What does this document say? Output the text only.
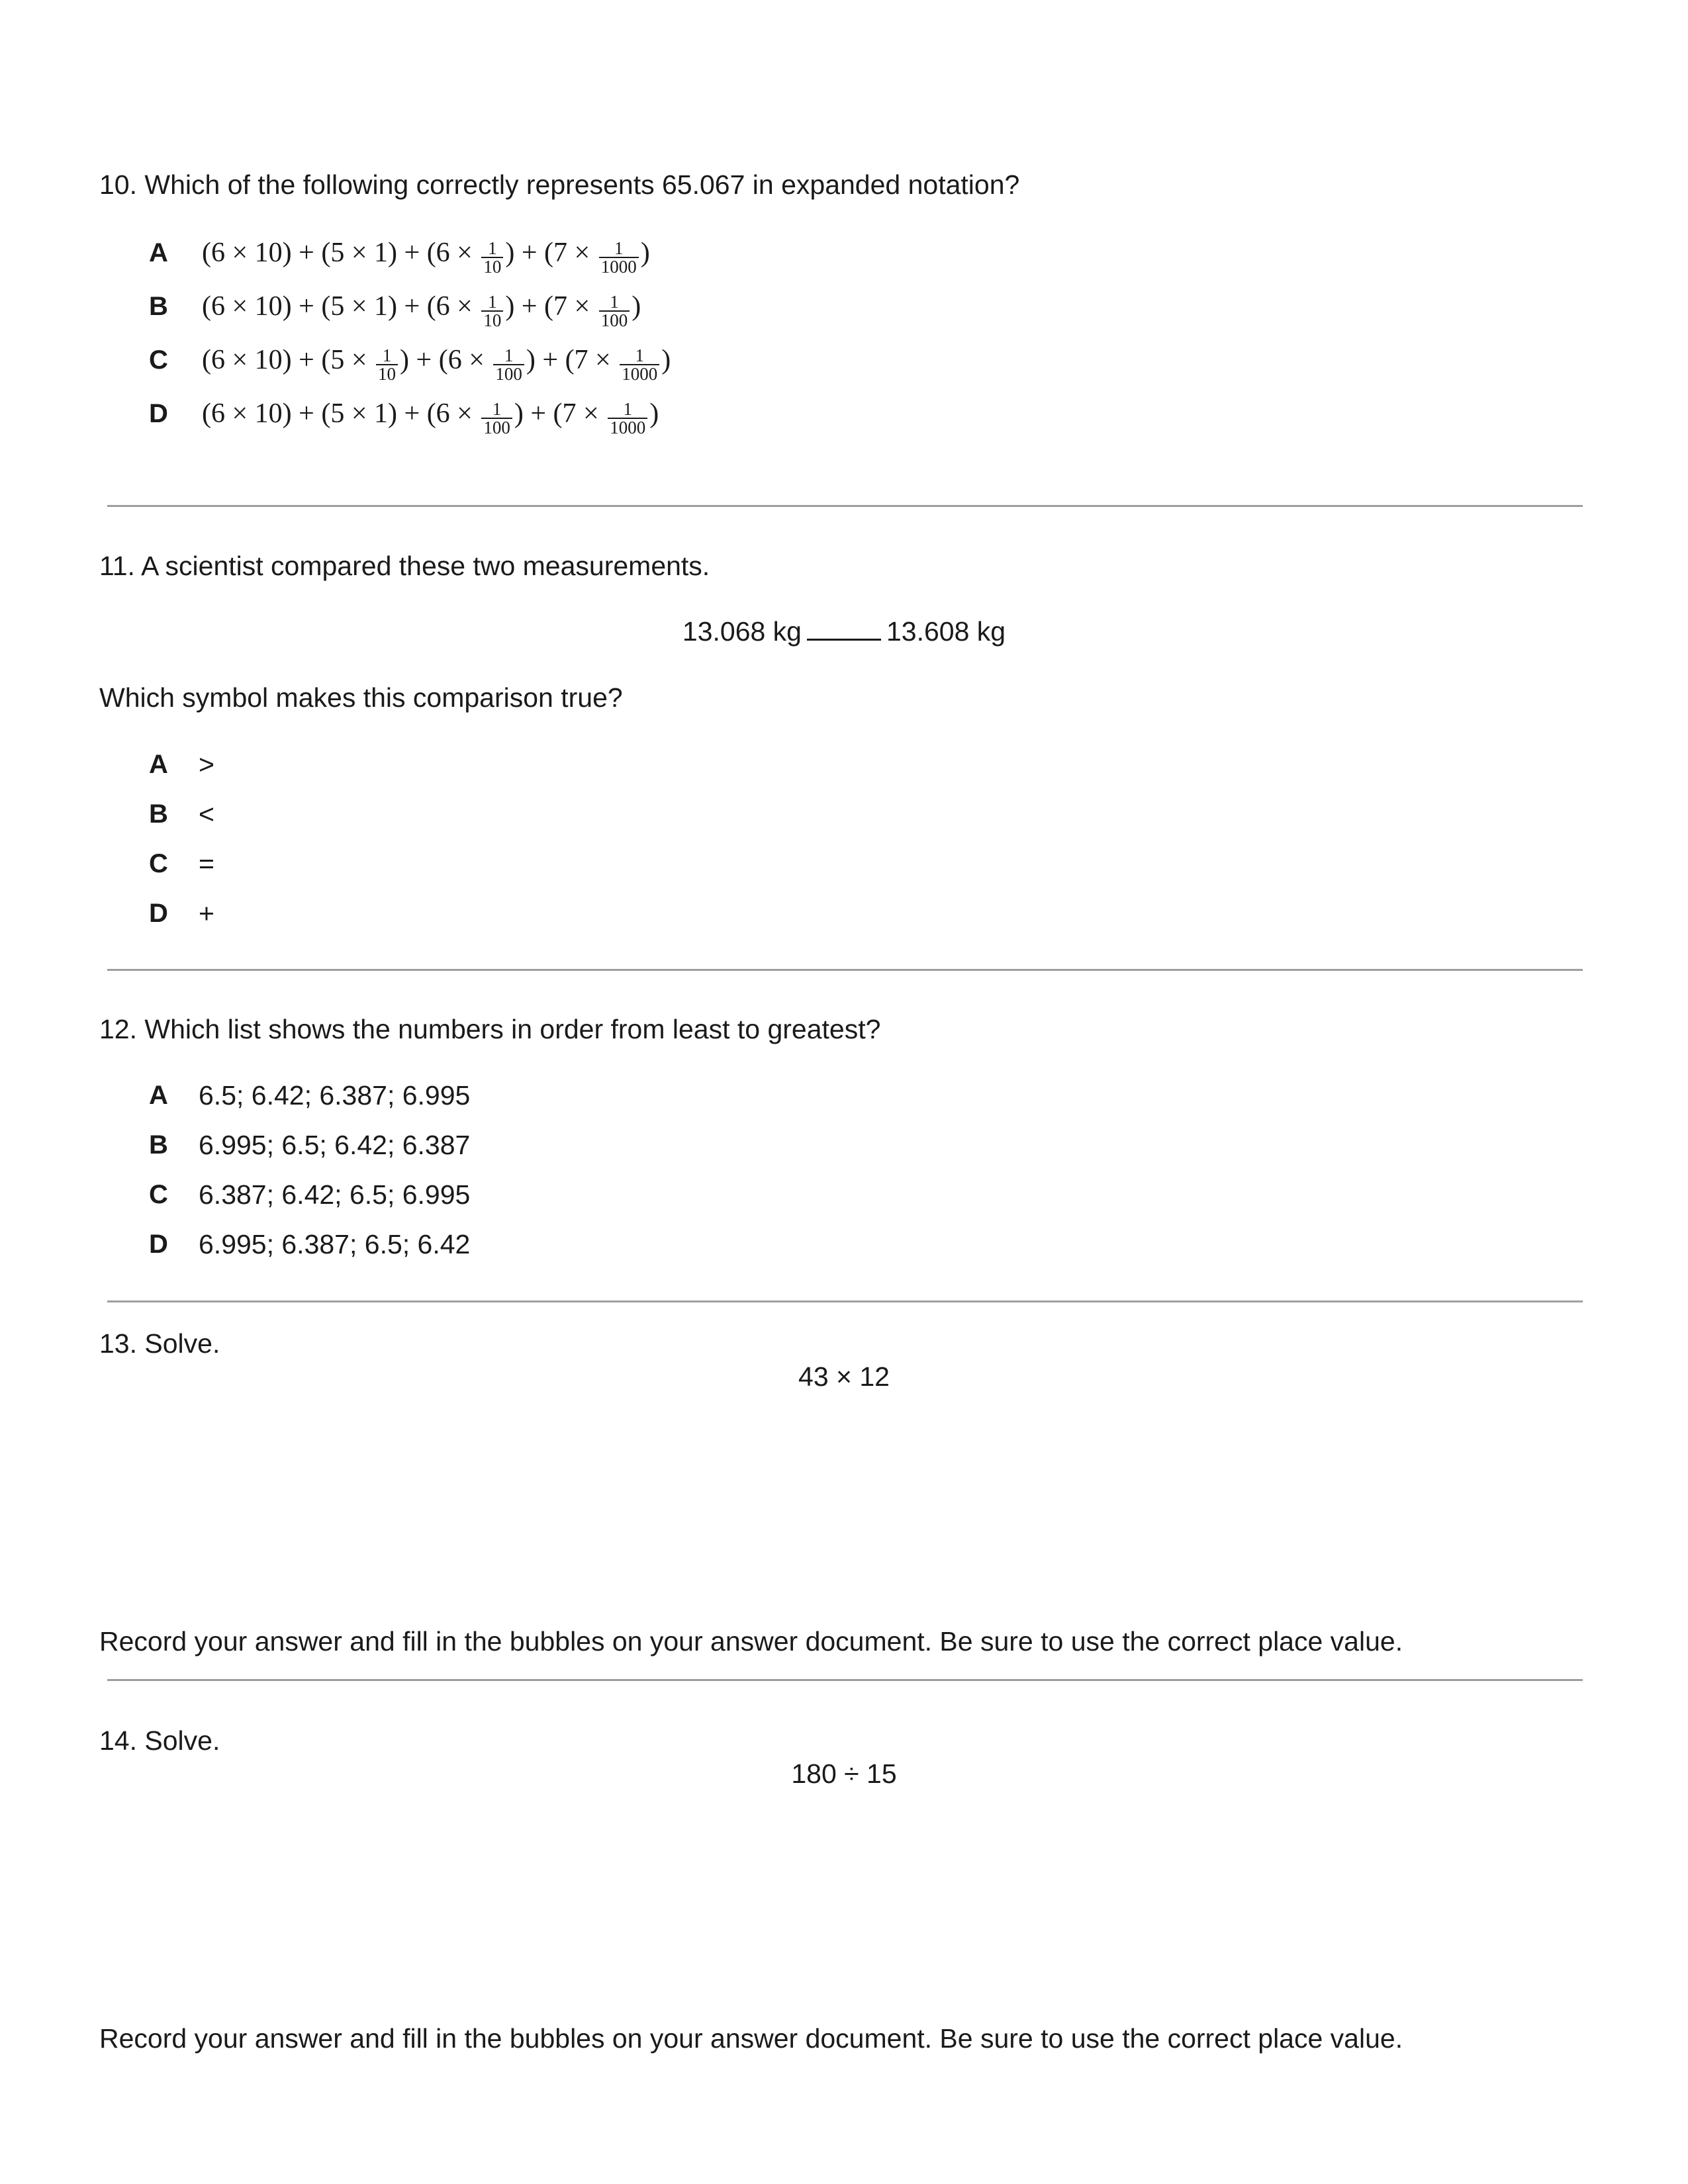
10. Which of the following correctly represents 65.067 in expanded notation?
A $(6 \times 10) + (5 \times 1) + (6 \times \frac{1}{10}$ ) + ($7 \times \frac{1}{1000}$ )
B $(6 \times 10) + (5 \times 1) + (6 \times \frac{1}{10}$ ) + ($7 \times \frac{1}{100}$ )
C $(6 \times 10) + (5 \times \frac{1}{10}$ ) + ($6 \times \frac{1}{100}$ ) + ($7 \times \frac{1}{1000}$ )
D $(6 \times 10) + (5 \times 1) + (6 \times \frac{1}{100}$ ) + ($7 \times \frac{1}{1000}$ )
11. A scientist compared these two measurements.
13.068 kg	13.608 kg
Which symbol makes this comparison true?
A >
B <
C =
D +
12. Which list shows the numbers in order from least to greatest?
A 6.5; 6.42; 6.387; 6.995
B 6.995; 6.5; 6.42; 6.387
C 6.387; 6.42; 6.5; 6.995
D 6.995; 6.387; 6.5; 6.42
13. Solve.
43 × 12
Record your answer and fill in the bubbles on your answer document. Be sure to use the correct place value.
14. Solve.
180 ÷ 15
Record your answer and fill in the bubbles on your answer document. Be sure to use the correct place value.
